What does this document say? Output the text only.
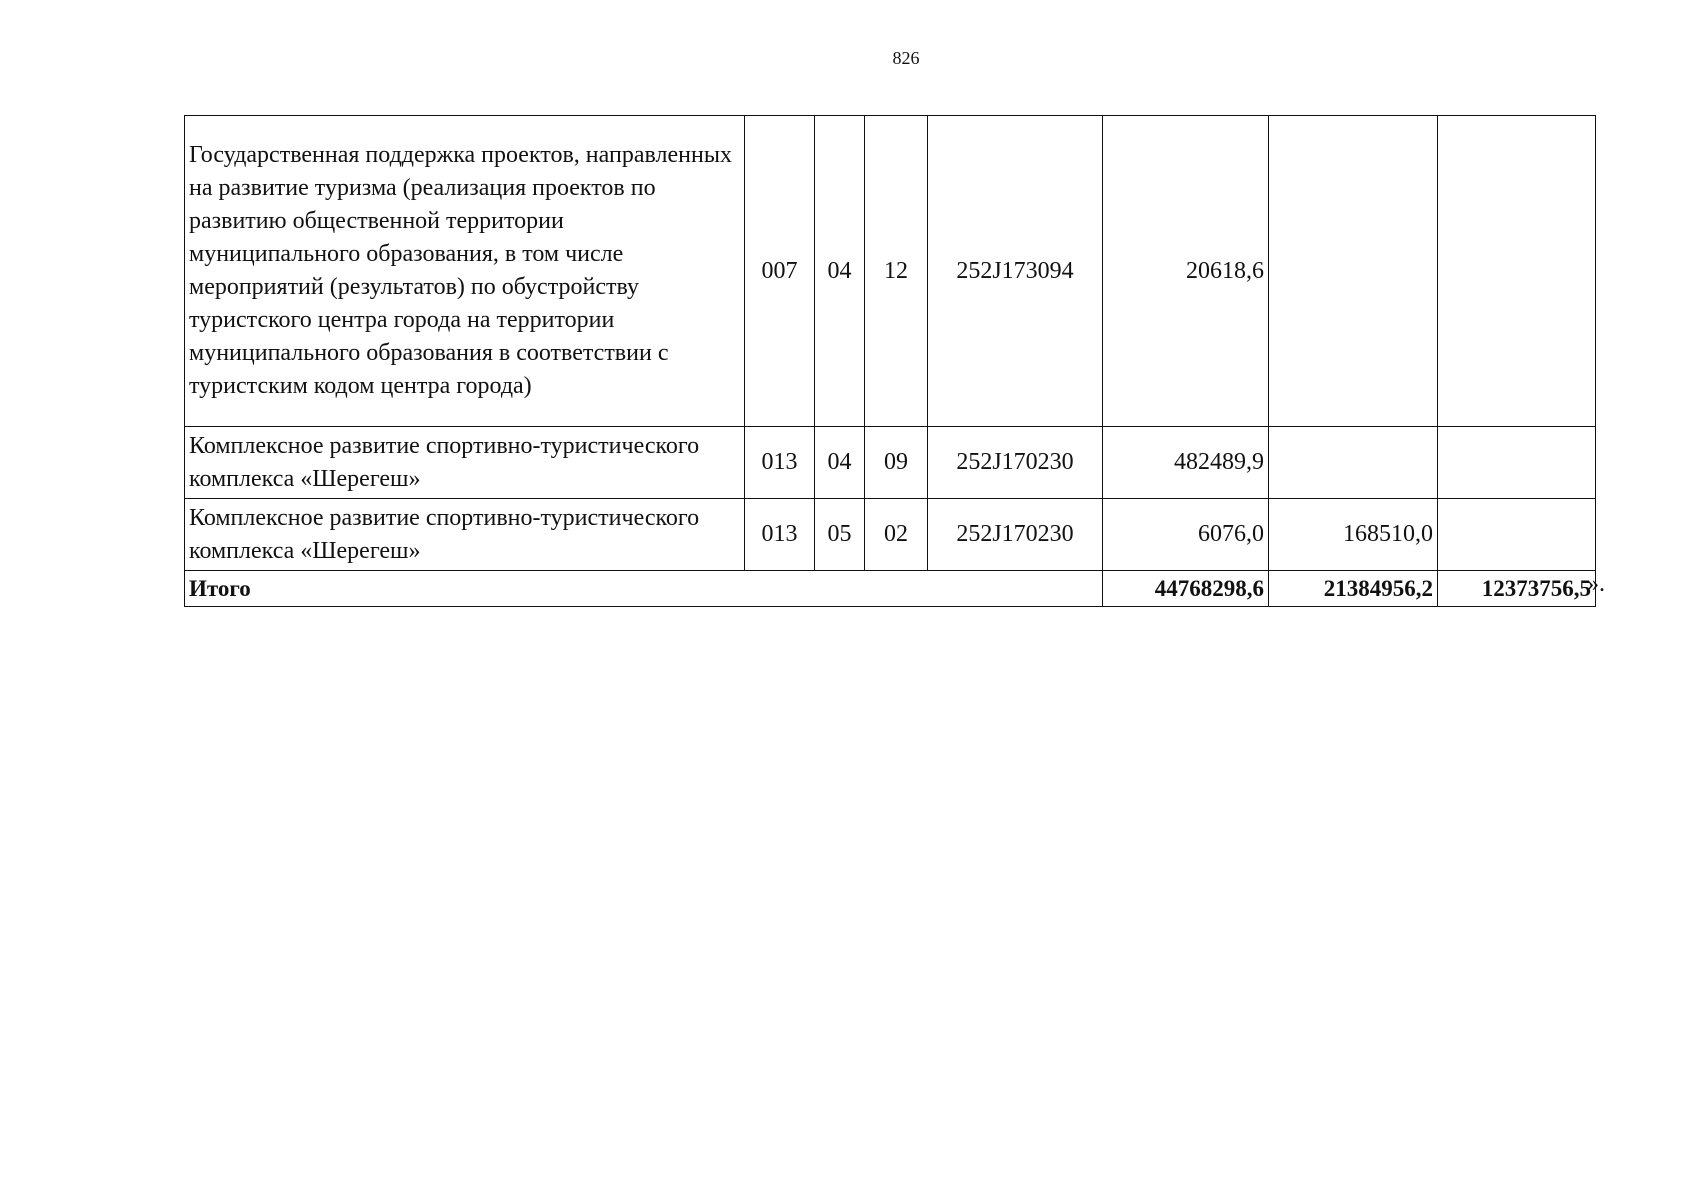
826
Государственная поддержка проектов, направленных на развитие туризма (реализация проектов по развитию общественной территории муниципального образования, в том числе мероприятий (результатов) по обустройству туристского центра города на территории муниципального образования в соответствии с туристским кодом центра города)	007	04	12	252J173094	20618,6		
Комплексное развитие спортивно-туристического комплекса «Шерегеш»	013	04	09	252J170230	482489,9		
Комплексное развитие спортивно-туристического комплекса «Шерегеш»	013	05	02	252J170230	6076,0	168510,0	
Итого					44768298,6	21384956,2	12373756,5
».
